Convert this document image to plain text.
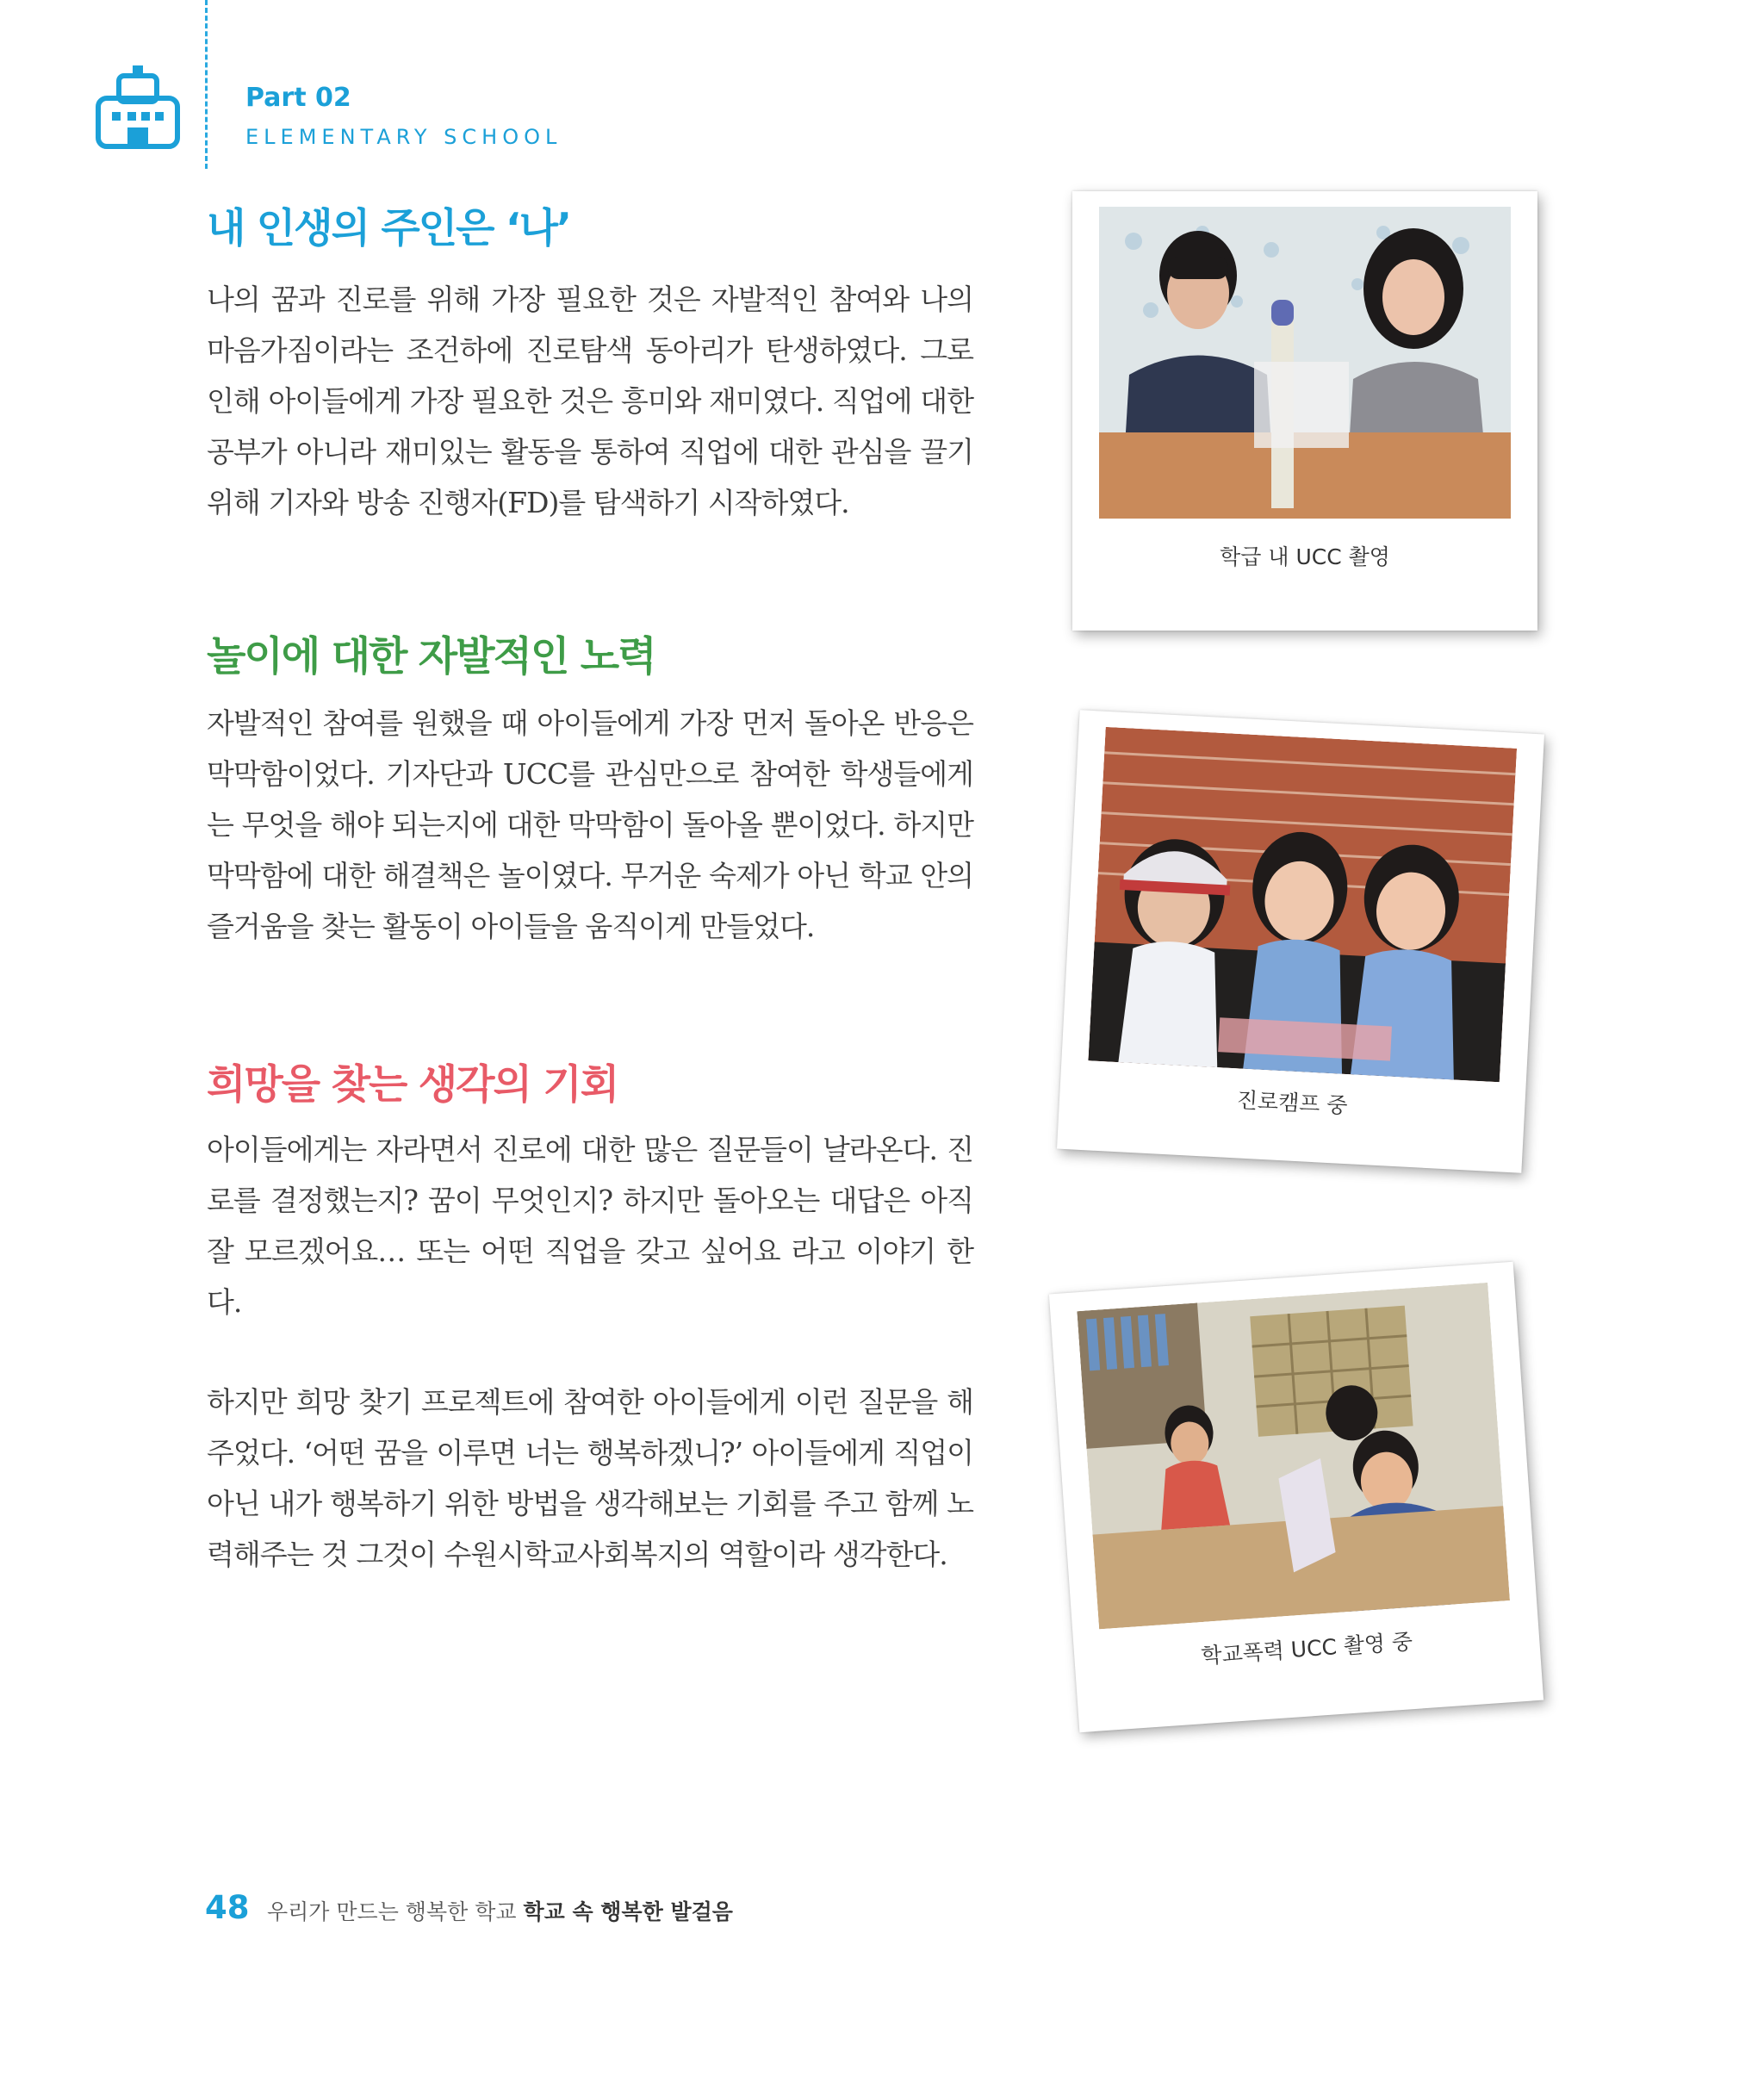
Part 02
ELEMENTARY SCHOOL
내 인생의 주인은 ‘나’
나의 꿈과 진로를 위해 가장 필요한 것은 자발적인 참여와 나의 마음가짐이라는 조건하에 진로탐색 동아리가 탄생하였다. 그로 인해 아이들에게 가장 필요한 것은 흥미와 재미였다. 직업에 대한 공부가 아니라 재미있는 활동을 통하여 직업에 대한 관심을 끌기 위해 기자와 방송 진행자(FD)를 탐색하기 시작하였다.
놀이에 대한 자발적인 노력
자발적인 참여를 원했을 때 아이들에게 가장 먼저 돌아온 반응은 막막함이었다. 기자단과 UCC를 관심만으로 참여한 학생들에게는 무엇을 해야 되는지에 대한 막막함이 돌아올 뿐이었다. 하지만 막막함에 대한 해결책은 놀이였다. 무거운 숙제가 아닌 학교 안의 즐거움을 찾는 활동이 아이들을 움직이게 만들었다.
희망을 찾는 생각의 기회
아이들에게는 자라면서 진로에 대한 많은 질문들이 날라온다. 진로를 결정했는지? 꿈이 무엇인지? 하지만 돌아오는 대답은 아직 잘 모르겠어요… 또는 어떤 직업을 갖고 싶어요 라고 이야기 한다.
하지만 희망 찾기 프로젝트에 참여한 아이들에게 이런 질문을 해주었다. ‘어떤 꿈을 이루면 너는 행복하겠니?’ 아이들에게 직업이 아닌 내가 행복하기 위한 방법을 생각해보는 기회를 주고 함께 노력해주는 것 그것이 수원시학교사회복지의 역할이라 생각한다.
학급 내 UCC 촬영
진로캠프 중
학교폭력 UCC 촬영 중
48 우리가 만드는 행복한 학교 학교 속 행복한 발걸음
